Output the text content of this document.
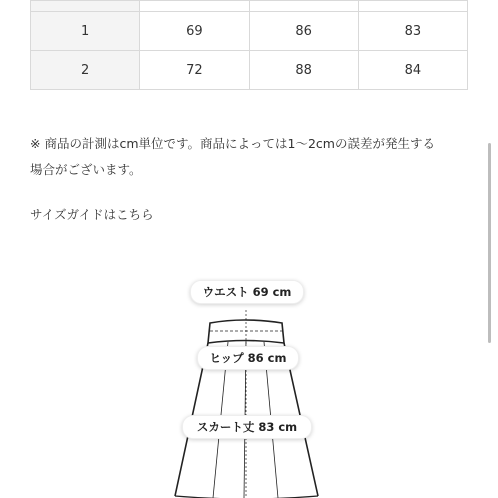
1	69	86	83
2	72	88	84
※ 商品の計測はcm単位です。商品によっては1〜2cmの誤差が発生する
場合がございます。
サイズガイドはこちら
ウエスト 69 cm
ヒップ 86 cm
スカート丈 83 cm
